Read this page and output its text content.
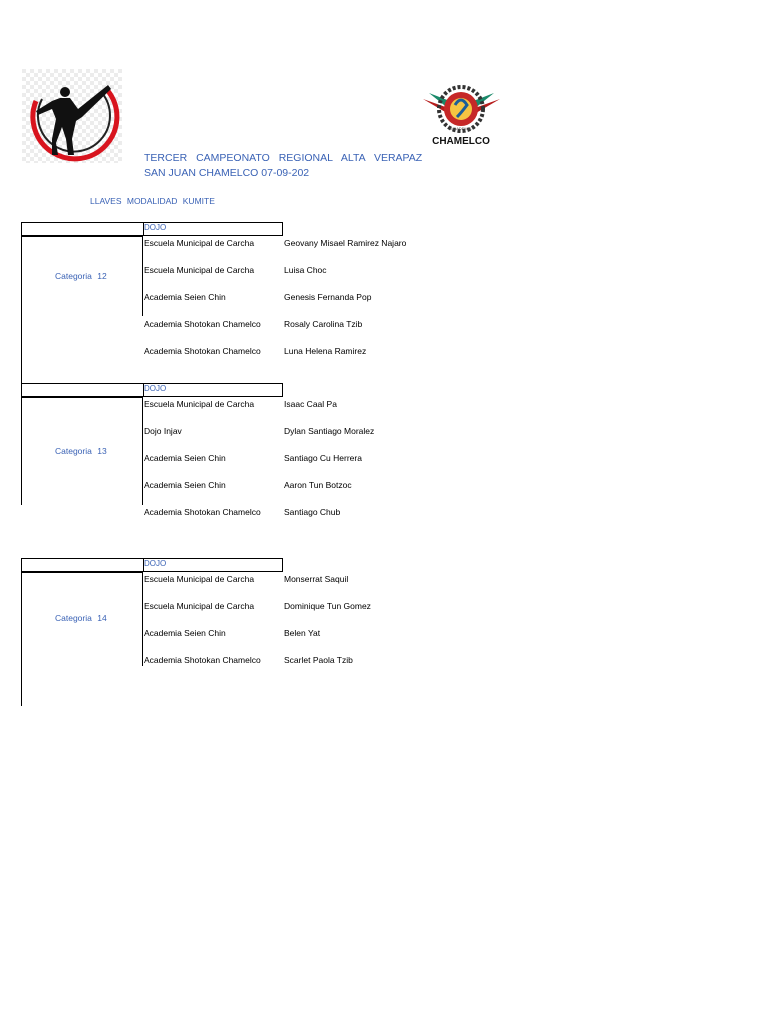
ACADEMIA
CHAMELCO
TERCER CAMPEONATO REGIONAL ALTA VERAPAZ
SAN JUAN CHAMELCO 07-09-202
LLAVES MODALIDAD KUMITE
DOJO
Categoria 12
Escuela Municipal de Carcha	Geovany Misael Ramirez Najaro
Escuela Municipal de Carcha	Luisa Choc
Academia Seien Chin	Genesis Fernanda Pop
Academia Shotokan Chamelco	Rosaly Carolina Tzib
Academia Shotokan Chamelco	Luna Helena Ramirez
DOJO
Categoria 13
Escuela Municipal de Carcha	Isaac Caal Pa
Dojo Injav	Dylan Santiago Moralez
Academia Seien Chin	Santiago Cu Herrera
Academia Seien Chin	Aaron Tun Botzoc
Academia Shotokan Chamelco	Santiago Chub
DOJO
Categoria 14
Escuela Municipal de Carcha	Monserrat Saquil
Escuela Municipal de Carcha	Dominique Tun Gomez
Academia Seien Chin	Belen Yat
Academia Shotokan Chamelco	Scarlet Paola Tzib
